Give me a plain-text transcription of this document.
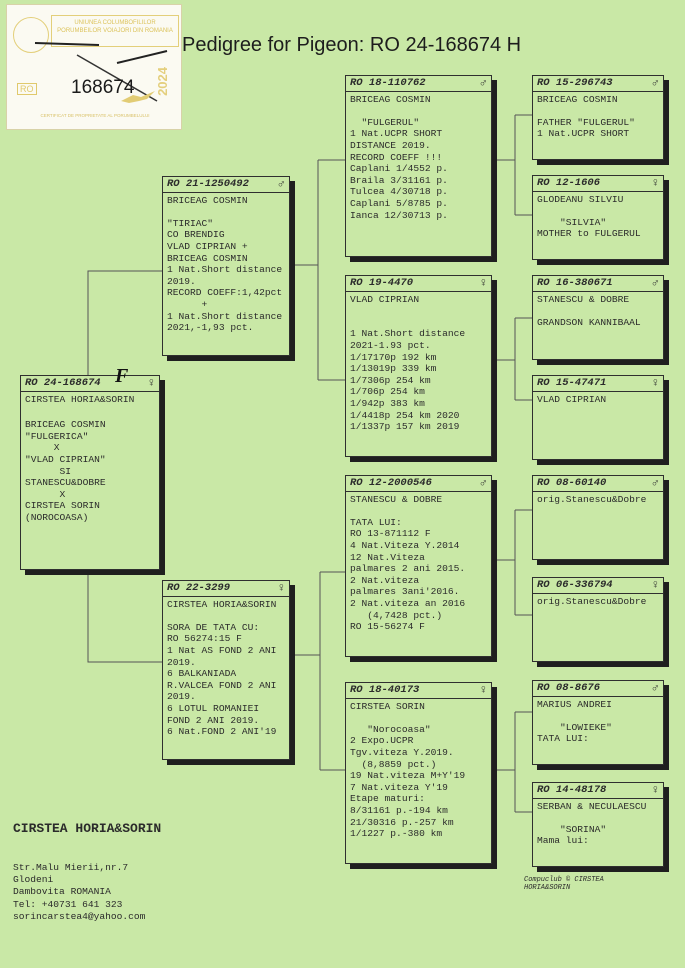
UNIUNEA COLUMBOFILILOR PORUMBEILOR VOIAJORI DIN ROMANIA
RO 168674 2024
CERTIFICAT DE PROPRIETATE AL PORUMBELULUI
Pedigree for Pigeon: RO 24-168674 H
RO 24-168674	♀
CIRSTEA HORIA&SORIN
BRICEAG COSMIN
"FULGERICA"
X
"VLAD CIPRIAN"
SI
STANESCU&DOBRE
X
CIRSTEA SORIN
(NOROCOASA)
F
RO 21-1250492 ♂
BRICEAG COSMIN

"TIRIAC"
CO BRENDIG
VLAD CIPRIAN +
BRICEAG COSMIN
1 Nat.Short distance
2019.
RECORD COEFF:1,42pct
+
1 Nat.Short distance
2021,-1,93 pct.
RO 22-3299	♀
CIRSTEA HORIA&SORIN

SORA DE TATA CU:
RO 56274:15 F
1 Nat AS FOND 2 ANI
2019.
6 BALKANIADA
R.VALCEA FOND 2 ANI
2019.
6 LOTUL ROMANIEI
FOND 2 ANI 2019.
6 Nat.FOND 2 ANI'19
RO 18-110762	♂
BRICEAG COSMIN

"FULGERUL"
1 Nat.UCPR SHORT
DISTANCE 2019.
RECORD COEFF !!!
Caplani 1/4552 p.
Braila 3/31161 p.
Tulcea 4/30718 p.
Caplani 5/8785 p.
Ianca 12/30713 p.
RO 19-4470	♀
VLAD CIPRIAN

1 Nat.Short distance
2021-1.93 pct.
1/17170p 192 km
1/13019p 339 km
1/7306p 254 km
1/706p 254 km
1/942p 383 km
1/4418p 254 km 2020
1/1337p 157 km 2019
RO 12-2000546	♂
STANESCU & DOBRE

TATA LUI:
RO 13-871112 F
4 Nat.Viteza Y.2014
12 Nat.Viteza
palmares 2 ani 2015.
2 Nat.viteza
palmares 3ani'2016.
2 Nat.viteza an 2016
(4,7428 pct.)
RO 15-56274 F
RO 18-40173	♀
CIRSTEA SORIN

"Norocoasa"
2 Expo.UCPR
Tgv.viteza Y.2019.
(8,8859 pct.)
19 Nat.viteza M+Y'19
7 Nat.viteza Y'19
Etape maturi:
8/31161 p.-194 km
21/30316 p.-257 km
1/1227 p.-380 km
RO 15-296743	♂
BRICEAG COSMIN

FATHER "FULGERUL"
1 Nat.UCPR SHORT
RO 12-1606	♀
GLODEANU SILVIU

"SILVIA"
MOTHER to FULGERUL
RO 16-380671	♂
STANESCU & DOBRE

GRANDSON KANNIBAAL
RO 15-47471	♀
VLAD CIPRIAN
RO 08-60140	♂
orig.Stanescu&Dobre
RO 06-336794	♀
orig.Stanescu&Dobre
RO 08-8676	♂
MARIUS ANDREI

"LOWIEKE"
TATA LUI:
RO 14-48178	♀
SERBAN & NECULAESCU

"SORINA"
Mama lui:

CIRSTEA HORIA&SORIN

Str.Malu Mierii,nr.7
Glodeni
Dambovita ROMANIA
Tel: +40731 641 323
sorincarstea4@yahoo.com

Compuclub © CIRSTEA
HORIA&SORIN
